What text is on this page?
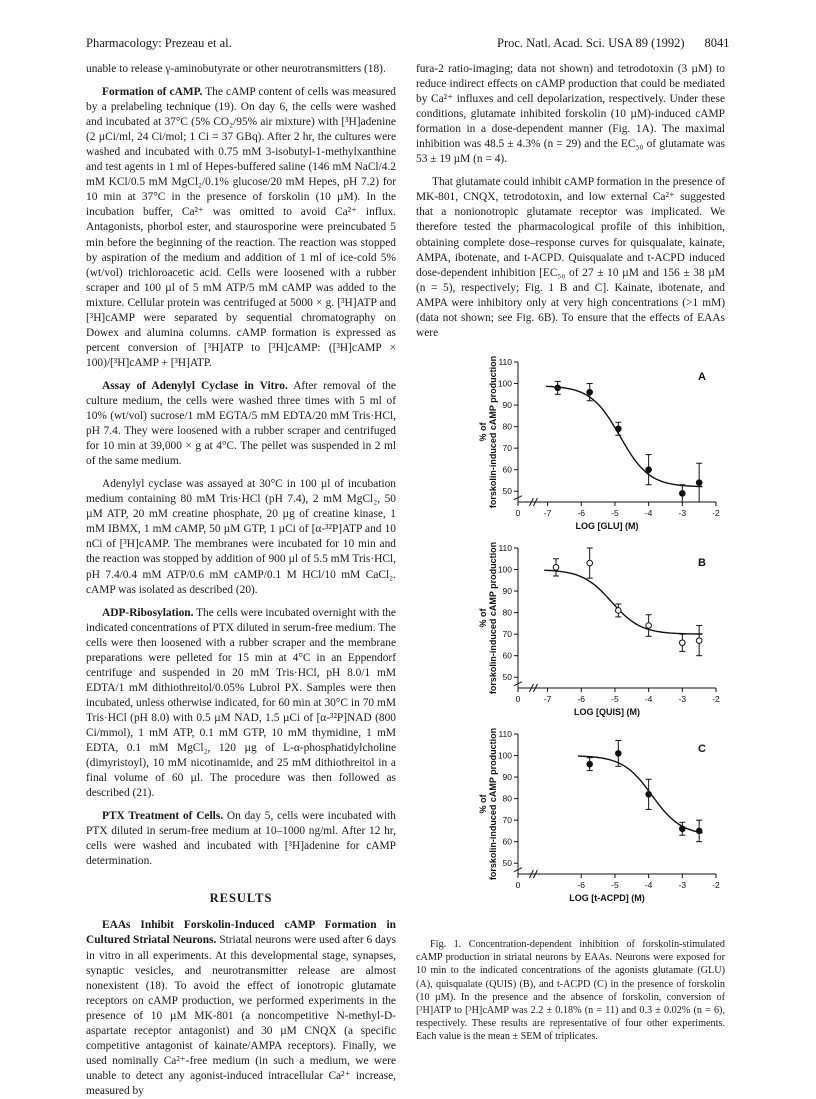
Pharmacology: Prezeau et al.	Proc. Natl. Acad. Sci. USA 89 (1992) 8041

unable to release γ-aminobutyrate or other neurotransmitters (18).

Formation of cAMP. The cAMP content of cells was measured by a prelabeling technique (19). On day 6, the cells were washed and incubated at 37°C (5% CO₂/95% air mixture) with [³H]adenine (2 µCi/ml, 24 Ci/mol; 1 Ci = 37 GBq). After 2 hr, the cultures were washed and incubated with 0.75 mM 3-isobutyl-1-methylxanthine and test agents in 1 ml of Hepes-buffered saline (146 mM NaCl/4.2 mM KCl/0.5 mM MgCl₂/0.1% glucose/20 mM Hepes, pH 7.2) for 10 min at 37°C in the presence of forskolin (10 µM). In the incubation buffer, Ca²⁺ was omitted to avoid Ca²⁺ influx. Antagonists, phorbol ester, and staurosporine were preincubated 5 min before the beginning of the reaction. The reaction was stopped by aspiration of the medium and addition of 1 ml of ice-cold 5% (wt/vol) trichloroacetic acid. Cells were loosened with a rubber scraper and 100 µl of 5 mM ATP/5 mM cAMP was added to the mixture. Cellular protein was centrifuged at 5000 × g. [³H]ATP and [³H]cAMP were separated by sequential chromatography on Dowex and alumina columns. cAMP formation is expressed as percent conversion of [³H]ATP to [³H]cAMP: ([³H]cAMP × 100)/[³H]cAMP + [³H]ATP.

Assay of Adenylyl Cyclase in Vitro. After removal of the culture medium, the cells were washed three times with 5 ml of 10% (wt/vol) sucrose/1 mM EGTA/5 mM EDTA/20 mM Tris·HCl, pH 7.4. They were loosened with a rubber scraper and centrifuged for 10 min at 39,000 × g at 4°C. The pellet was suspended in 2 ml of the same medium.

Adenylyl cyclase was assayed at 30°C in 100 µl of incubation medium containing 80 mM Tris·HCl (pH 7.4), 2 mM MgCl₂, 50 µM ATP, 20 mM creatine phosphate, 20 µg of creatine kinase, 1 mM IBMX, 1 mM cAMP, 50 µM GTP, 1 µCi of [α-³²P]ATP and 10 nCi of [³H]cAMP. The membranes were incubated for 10 min and the reaction was stopped by addition of 900 µl of 5.5 mM Tris·HCl, pH 7.4/0.4 mM ATP/0.6 mM cAMP/0.1 M HCl/10 mM CaCl₂. cAMP was isolated as described (20).

ADP-Ribosylation. The cells were incubated overnight with the indicated concentrations of PTX diluted in serum-free medium. The cells were then loosened with a rubber scraper and the membrane preparations were pelleted for 15 min at 4°C in an Eppendorf centrifuge and suspended in 20 mM Tris·HCl, pH 8.0/1 mM EDTA/1 mM dithiothreitol/0.05% Lubrol PX. Samples were then incubated, unless otherwise indicated, for 60 min at 30°C in 70 mM Tris·HCl (pH 8.0) with 0.5 µM NAD, 1.5 µCi of [α-³²P]NAD (800 Ci/mmol), 1 mM ATP, 0.1 mM GTP, 10 mM thymidine, 1 mM EDTA, 0.1 mM MgCl₂, 120 µg of L-α-phosphatidylcholine (dimyristoyl), 10 mM nicotinamide, and 25 mM dithiothreitol in a final volume of 60 µl. The procedure was then followed as described (21).

PTX Treatment of Cells. On day 5, cells were incubated with PTX diluted in serum-free medium at 10–1000 ng/ml. After 12 hr, cells were washed and incubated with [³H]adenine for cAMP determination.

RESULTS

EAAs Inhibit Forskolin-Induced cAMP Formation in Cultured Striatal Neurons. Striatal neurons were used after 6 days in vitro in all experiments. At this developmental stage, synapses, synaptic vesicles, and neurotransmitter release are almost nonexistent (18). To avoid the effect of ionotropic glutamate receptors on cAMP production, we performed experiments in the presence of 10 µM MK-801 (a noncompetitive N-methyl-D-aspartate receptor antagonist) and 30 µM CNQX (a specific competitive antagonist of kainate/AMPA receptors). Finally, we used nominally Ca²⁺-free medium (in such a medium, we were unable to detect any agonist-induced intracellular Ca²⁺ increase, measured by

fura-2 ratio-imaging; data not shown) and tetrodotoxin (3 µM) to reduce indirect effects on cAMP production that could be mediated by Ca²⁺ influxes and cell depolarization, respectively. Under these conditions, glutamate inhibited forskolin (10 µM)-induced cAMP formation in a dose-dependent manner (Fig. 1A). The maximal inhibition was 48.5 ± 4.3% (n = 29) and the EC₅₀ of glutamate was 53 ± 19 µM (n = 4).

That glutamate could inhibit cAMP formation in the presence of MK-801, CNQX, tetrodotoxin, and low external Ca²⁺ suggested that a nonionotropic glutamate receptor was implicated. We therefore tested the pharmacological profile of this inhibition, obtaining complete dose–response curves for quisqualate, kainate, AMPA, ibotenate, and t-ACPD. Quisqualate and t-ACPD induced dose-dependent inhibition [EC₅₀ of 27 ± 10 µM and 156 ± 38 µM (n = 5), respectively; Fig. 1 B and C]. Kainate, ibotenate, and AMPA were inhibitory only at very high concentrations (>1 mM) (data not shown; see Fig. 6B). To ensure that the effects of EAAs were

50
60
70
80
90
100
110
0	-7	-6	-5	-4	-3	-2
LOG [GLU] (M)
% of forskolin-induced cAMP production	A
50
60
70
80
90
100
110
0	-7	-6	-5	-4	-3	-2
LOG [QUIS] (M)
% of forskolin-induced cAMP production	B
50
60
70
80
90
100
110
0	-6	-5	-4	-3	-2
LOG [t-ACPD] (M)
% of forskolin-induced cAMP production	C

Fig. 1. Concentration-dependent inhibition of forskolin-stimulated cAMP production in striatal neurons by EAAs. Neurons were exposed for 10 min to the indicated concentrations of the agonists glutamate (GLU) (A), quisqualate (QUIS) (B), and t-ACPD (C) in the presence of forskolin (10 µM). In the presence and the absence of forskolin, conversion of [³H]ATP to [³H]cAMP was 2.2 ± 0.18% (n = 11) and 0.3 ± 0.02% (n = 6), respectively. These results are representative of four other experiments. Each value is the mean ± SEM of triplicates.
